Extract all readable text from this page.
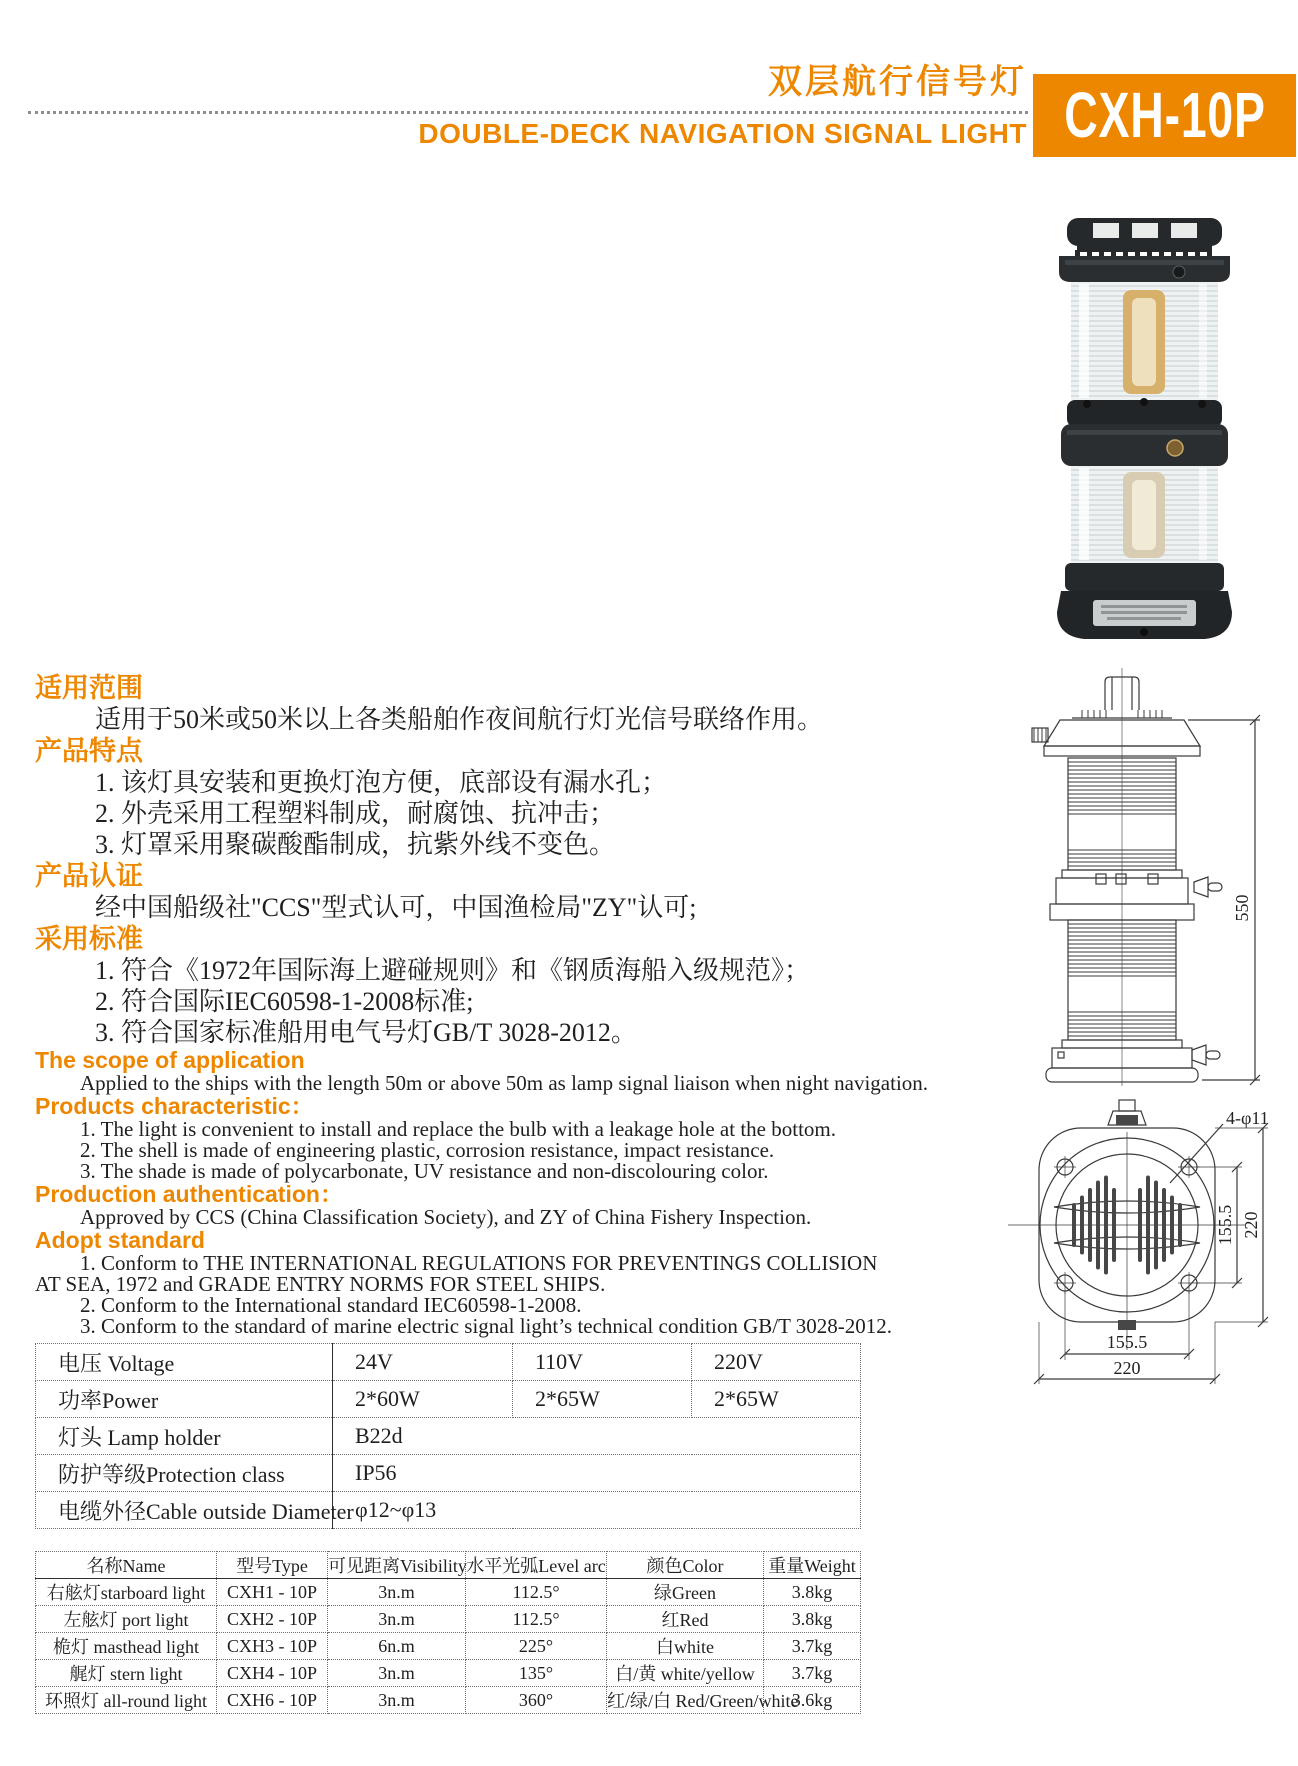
双层航行信号灯
DOUBLE-DECK NAVIGATION SIGNAL LIGHT CXH-10P
550
4-φ11
155.5 220
155.5
220
适用范围
适用于50米或50米以上各类船舶作夜间航行灯光信号联络作用。
产品特点
1. 该灯具安装和更换灯泡方便，底部设有漏水孔；
2. 外壳采用工程塑料制成，耐腐蚀、抗冲击；
3. 灯罩采用聚碳酸酯制成，抗紫外线不变色。
产品认证
经中国船级社"CCS"型式认可，中国渔检局"ZY"认可;
采用标准
1. 符合《1972年国际海上避碰规则》和《钢质海船入级规范》；
2. 符合国际IEC60598-1-2008标准;
3. 符合国家标准船用电气号灯GB/T 3028-2012。
The scope of application
Applied to the ships with the length 50m or above 50m as lamp signal liaison when night navigation.
Products characteristic：
1. The light is convenient to install and replace the bulb with a leakage hole at the bottom.
2. The shell is made of engineering plastic, corrosion resistance, impact resistance.
3. The shade is made of polycarbonate, UV resistance and non-discolouring color.
Production authentication：
Approved by CCS (China Classification Society), and ZY of China Fishery Inspection.
Adopt standard
1. Conform to THE INTERNATIONAL REGULATIONS FOR PREVENTINGS COLLISION
AT SEA, 1972 and GRADE ENTRY NORMS FOR STEEL SHIPS.
2. Conform to the International standard IEC60598-1-2008.
3. Conform to the standard of marine electric signal light’s technical condition GB/T 3028-2012.
电压 Voltage	24V	110V	220V
功率Power	2*60W	2*65W	2*65W
灯头 Lamp holder	B22d		
防护等级Protection class	IP56		
电缆外径Cable outside Diameter	φ12~φ13		
名称Name	型号Type	可见距离Visibility	水平光弧Level arc	颜色Color	重量Weight
右舷灯starboard light	CXH1 - 10P	3n.m	112.5°	绿Green	3.8kg
左舷灯 port light	CXH2 - 10P	3n.m	112.5°	红Red	3.8kg
桅灯 masthead light	CXH3 - 10P	6n.m	225°	白white	3.7kg
艉灯 stern light	CXH4 - 10P	3n.m	135°	白/黄 white/yellow	3.7kg
环照灯 all-round light	CXH6 - 10P	3n.m	360°	红/绿/白 Red/Green/white	3.6kg
